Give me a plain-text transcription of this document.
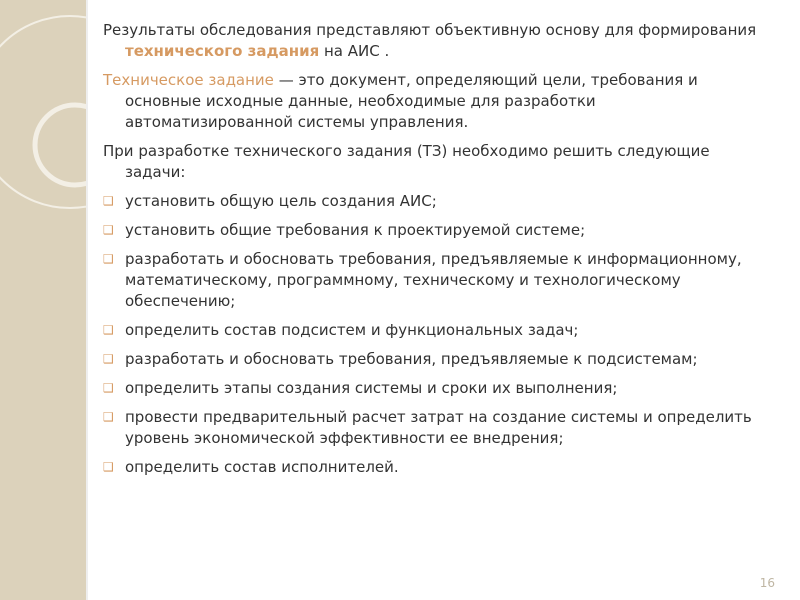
Результаты обследования представляют объективную основу для формирования технического задания на АИС .

Техническое задание — это документ, определяющий цели, требования и основные исходные данные, необходимые для разработки автоматизированной системы управления.

При разработке технического задания (ТЗ) необходимо решить следующие задачи:

❑ установить общую цель создания АИС;
❑ установить общие требования к проектируемой системе;
❑ разработать и обосновать требования, предъявляемые к информационному, математическому, программному, техническому и технологическому обеспечению;
❑ определить состав подсистем и функциональных задач;
❑ разработать и обосновать требования, предъявляемые к подсистемам;
❑ определить этапы создания системы и сроки их выполнения;
❑ провести предварительный расчет затрат на создание системы и определить уровень экономической эффективности ее внедрения;
❑ определить состав исполнителей.
16
